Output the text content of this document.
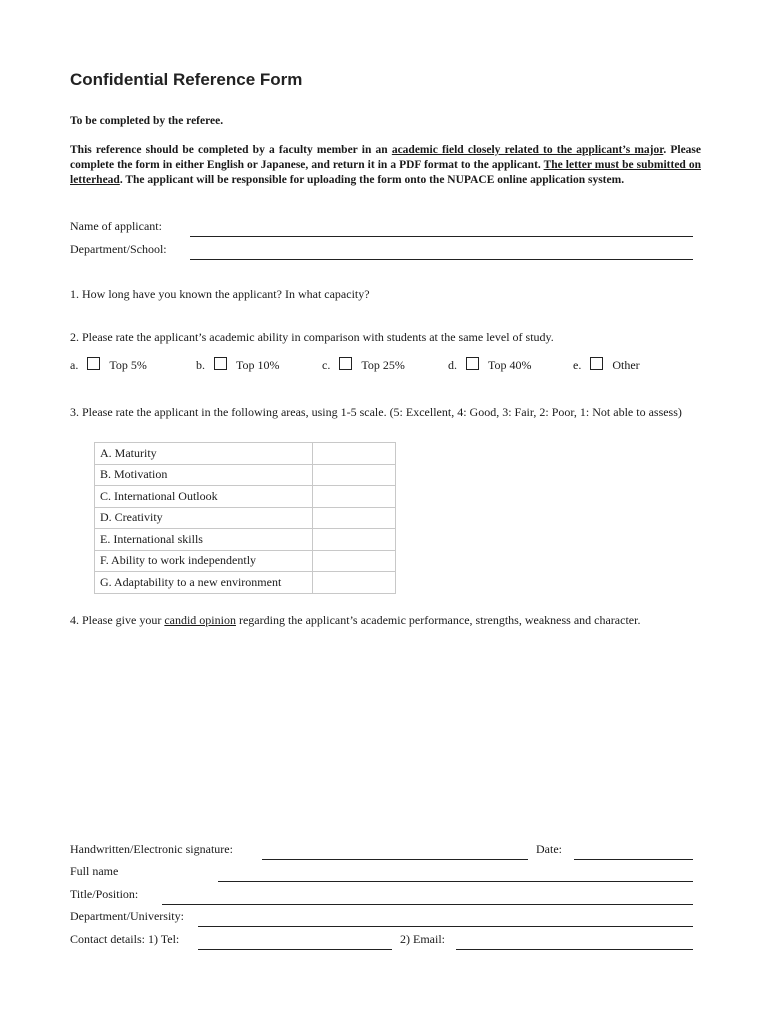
Confidential Reference Form
To be completed by the referee.
This reference should be completed by a faculty member in an academic field closely related to the applicant’s major. Please complete the form in either English or Japanese, and return it in a PDF format to the applicant. The letter must be submitted on letterhead. The applicant will be responsible for uploading the form onto the NUPACE online application system.
Name of applicant:
Department/School:
1. How long have you known the applicant? In what capacity?
2. Please rate the applicant’s academic ability in comparison with students at the same level of study.
a.	Top 5%	b.	Top 10%	c.	Top 25%	d.	Top 40%	e.	Other
3. Please rate the applicant in the following areas, using 1-5 scale. (5: Excellent, 4: Good, 3: Fair, 2: Poor, 1: Not able to assess)
A. Maturity	
B. Motivation	
C. International Outlook	
D. Creativity	
E. International skills	
F. Ability to work independently	
G. Adaptability to a new environment	
4. Please give your candid opinion regarding the applicant’s academic performance, strengths, weakness and character.
Handwritten/Electronic signature:	Date:
Full name
Title/Position:
Department/University:
Contact details: 1) Tel:	2) Email:
